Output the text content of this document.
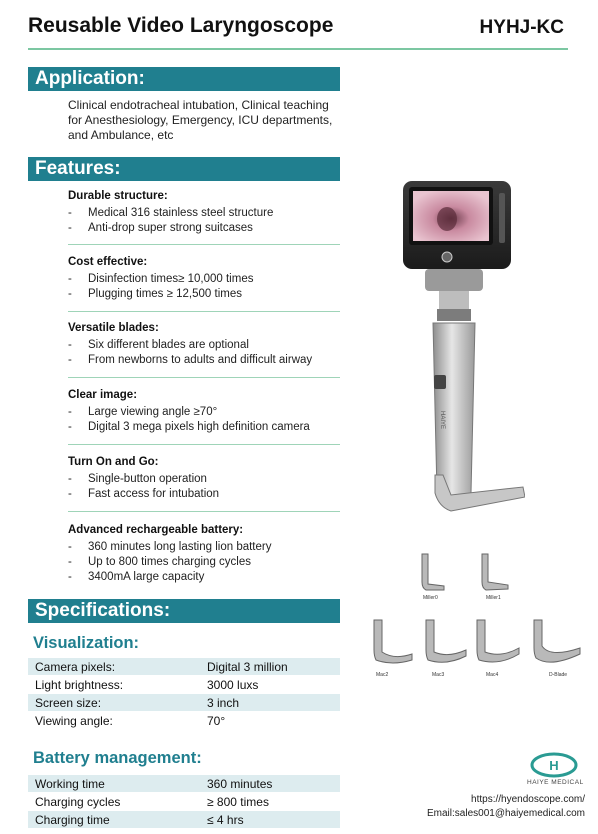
Reusable Video Laryngoscope	HYHJ-KC
Application:
Clinical endotracheal intubation, Clinical teaching for Anesthesiology, Emergency, ICU departments, and Ambulance, etc
Features:
Durable structure:
- Medical 316 stainless steel structure
- Anti-drop super strong suitcases
Cost effective:
- Disinfection times≥ 10,000 times
- Plugging times ≥ 12,500 times
Versatile blades:
- Six different blades are optional
- From newborns to adults and difficult airway
Clear image:
- Large viewing angle ≥70°
- Digital 3 mega pixels high definition camera
Turn On and Go:
- Single-button operation
- Fast access for intubation
Advanced rechargeable battery:
- 360 minutes long lasting lion battery
- Up to 800 times charging cycles
- 3400mA large capacity
Specifications:
Visualization:
Camera pixels:	Digital 3 million
Light brightness:	3000 luxs
Screen size:	3 inch
Viewing angle:	70°
Battery management:
Working time	360 minutes
Charging cycles	≥ 800 times
Charging time	≤ 4 hrs
HAIYE
Miller0	Miller1
Mac2	Mac3	Mac4	D-Blade
H
HAIYE MEDICAL
https://hyendoscope.com/
Email:sales001@haiyemedical.com
